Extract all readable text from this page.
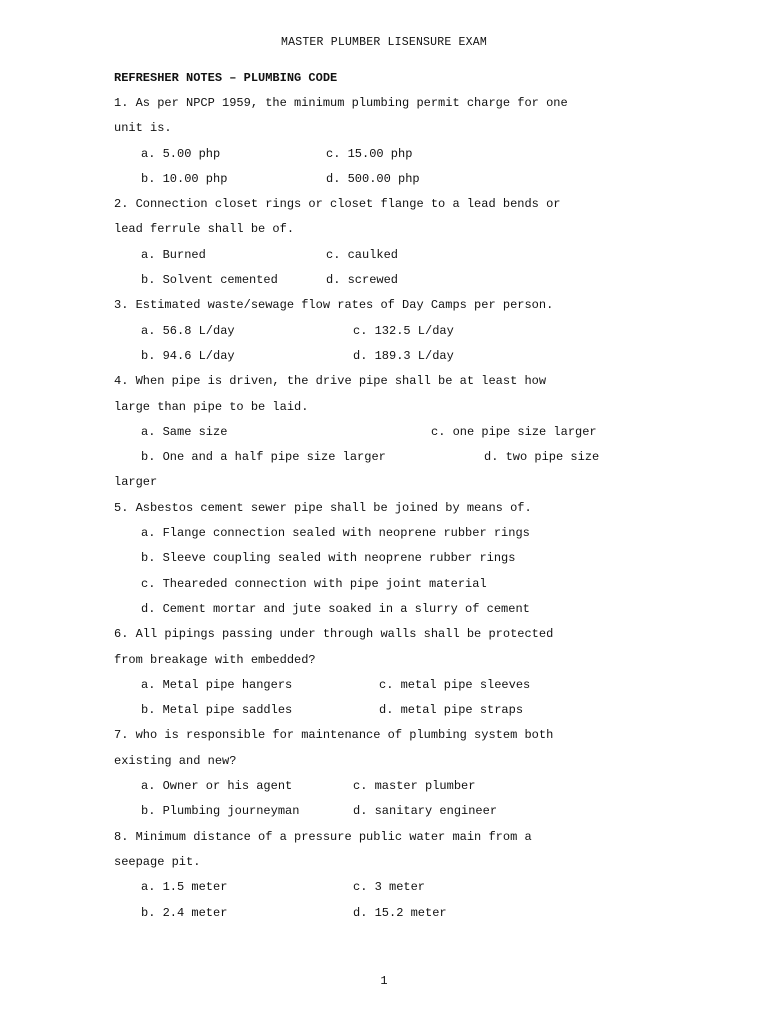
MASTER PLUMBER LISENSURE EXAM
REFRESHER NOTES – PLUMBING CODE
1. As per NPCP 1959, the minimum plumbing permit charge for one
unit is.
a. 5.00 php	c. 15.00 php
b. 10.00 php	d. 500.00 php
2. Connection closet rings or closet flange to a lead bends or
lead ferrule shall be of.
a. Burned	c. caulked
b. Solvent cemented	d. screwed
3. Estimated waste/sewage flow rates of Day Camps per person.
a. 56.8 L/day	c. 132.5 L/day
b. 94.6 L/day	d. 189.3 L/day
4. When pipe is driven, the drive pipe shall be at least how
large than pipe to be laid.
a. Same size	c. one pipe size larger
b. One and a half pipe size larger	d. two pipe size
larger
5. Asbestos cement sewer pipe shall be joined by means of.
a. Flange connection sealed with neoprene rubber rings
b. Sleeve coupling sealed with neoprene rubber rings
c. Theareded connection with pipe joint material
d. Cement mortar and jute soaked in a slurry of cement
6. All pipings passing under through walls shall be protected
from breakage with embedded?
a. Metal pipe hangers	c. metal pipe sleeves
b. Metal pipe saddles	d. metal pipe straps
7. who is responsible for maintenance of plumbing system both
existing and new?
a. Owner or his agent	c. master plumber
b. Plumbing journeyman	d. sanitary engineer
8. Minimum distance of a pressure public water main from a
seepage pit.
a. 1.5 meter	c. 3 meter
b. 2.4 meter	d. 15.2 meter
1
